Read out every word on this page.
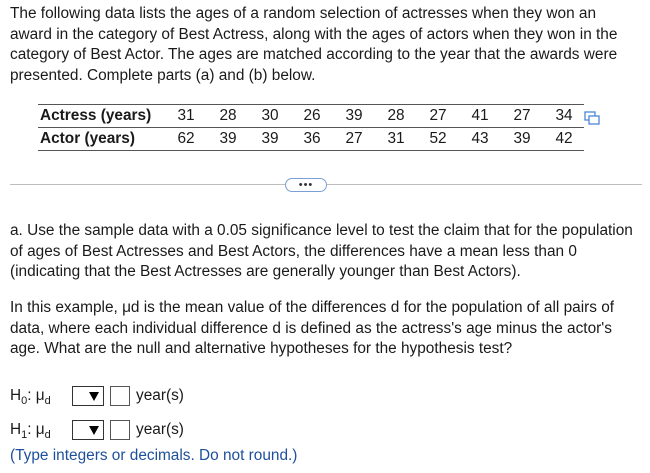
The following data lists the ages of a random selection of actresses when they won an award in the category of Best Actress, along with the ages of actors when they won in the category of Best Actor. The ages are matched according to the year that the awards were presented. Complete parts (a) and (b) below.

Actress (years)	31	28	30	26	39	28	27	41	27	34
Actor (years)	62	39	39	36	27	31	52	43	39	42
•••

a. Use the sample data with a 0.05 significance level to test the claim that for the population of ages of Best Actresses and Best Actors, the differences have a mean less than 0 (indicating that the Best Actresses are generally younger than Best Actors).

In this example, μd is the mean value of the differences d for the population of all pairs of data, where each individual difference d is defined as the actress's age minus the actor's age. What are the null and alternative hypotheses for the hypothesis test?

$H_0$: $\mu_d$	year(s)
$H_1$: $\mu_d$	year(s)
(Type integers or decimals. Do not round.)
